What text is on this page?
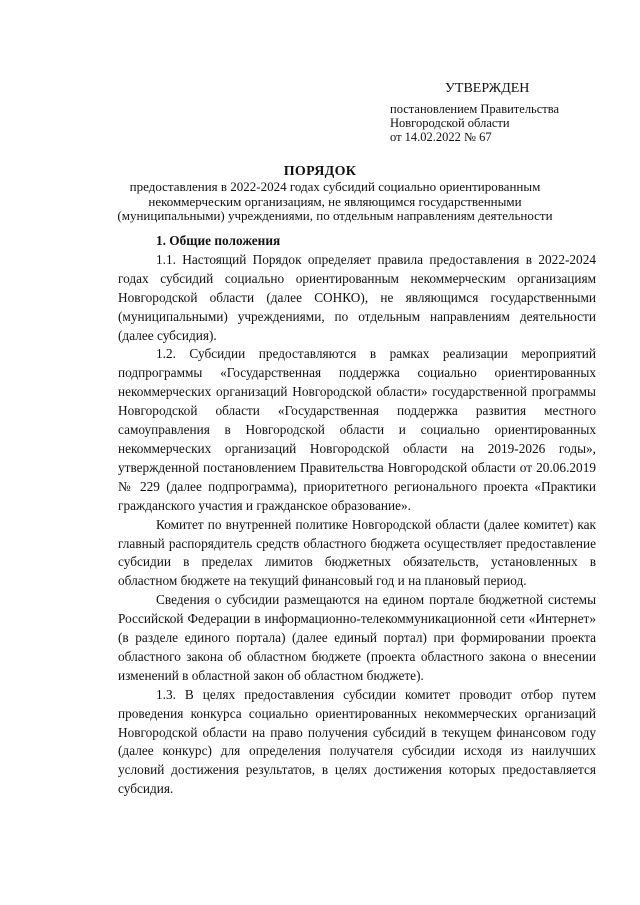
УТВЕРЖДЕН
постановлением Правительства
Новгородской области
от 14.02.2022 № 67
ПОРЯДОК
предоставления в 2022-2024 годах субсидий социально ориентированным некоммерческим организациям, не являющимся государственными (муниципальными) учреждениями, по отдельным направлениям деятельности
1. Общие положения

1.1. Настоящий Порядок определяет правила предоставления в 2022-2024 годах субсидий социально ориентированным некоммерческим организациям Новгородской области (далее СОНКО), не являющимся государственными (муниципальными) учреждениями, по отдельным направлениям деятельности (далее субсидия).

1.2. Субсидии предоставляются в рамках реализации мероприятий подпрограммы «Государственная поддержка социально ориентированных некоммерческих организаций Новгородской области» государственной программы Новгородской области «Государственная поддержка развития местного самоуправления в Новгородской области и социально ориентированных некоммерческих организаций Новгородской области на 2019-2026 годы», утвержденной постановлением Правительства Новгородской области от 20.06.2019 № 229 (далее подпрограмма), приоритетного регионального проекта «Практики гражданского участия и гражданское образование».

Комитет по внутренней политике Новгородской области (далее комитет) как главный распорядитель средств областного бюджета осуществляет предоставление субсидии в пределах лимитов бюджетных обязательств, установленных в областном бюджете на текущий финансовый год и на плановый период.

Сведения о субсидии размещаются на едином портале бюджетной системы Российской Федерации в информационно-телекоммуникационной сети «Интернет» (в разделе единого портала) (далее единый портал) при формировании проекта областного закона об областном бюджете (проекта областного закона о внесении изменений в областной закон об областном бюджете).

1.3. В целях предоставления субсидии комитет проводит отбор путем проведения конкурса социально ориентированных некоммерческих организаций Новгородской области на право получения субсидий в текущем финансовом году (далее конкурс) для определения получателя субсидии исходя из наилучших условий достижения результатов, в целях достижения которых предоставляется субсидия.
